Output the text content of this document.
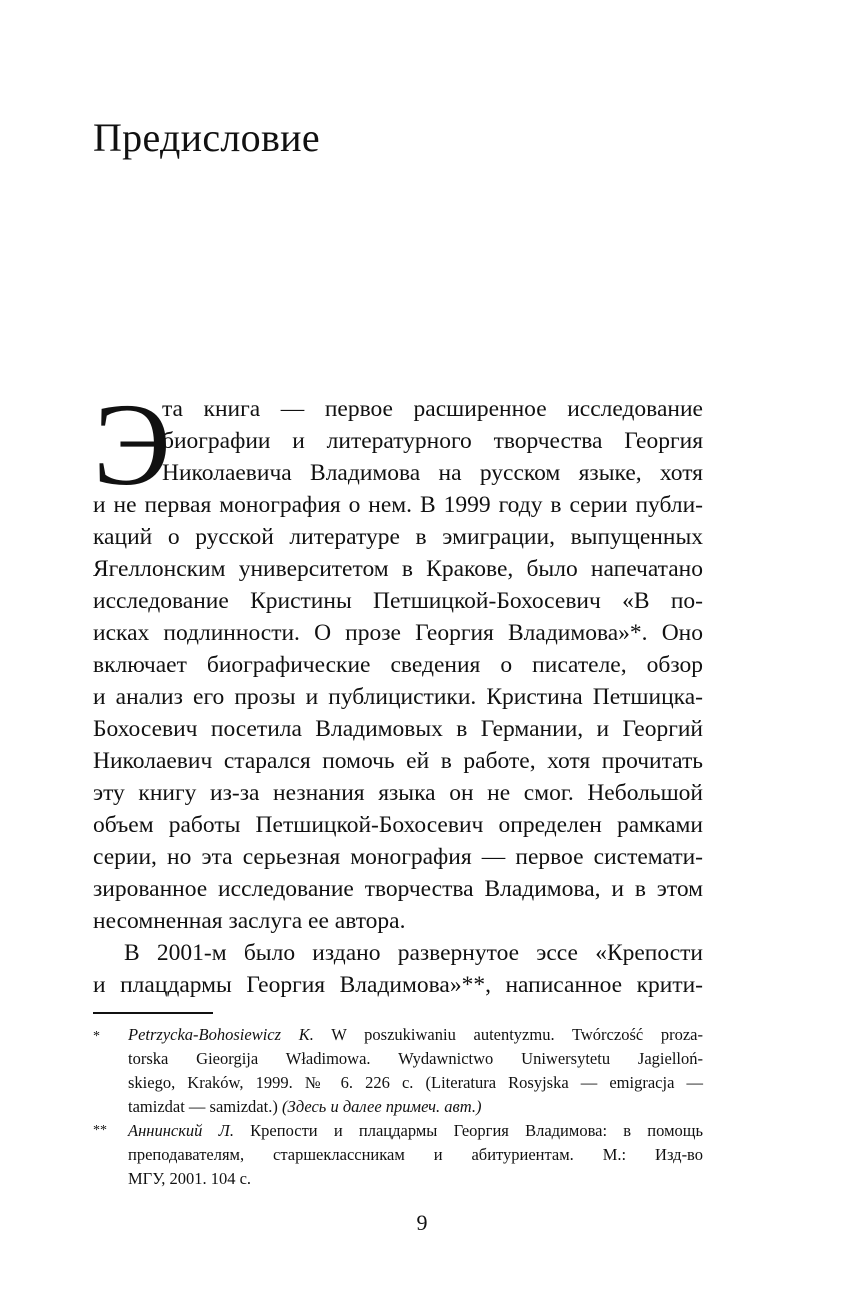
Предисловие
Э
та книга — первое расширенное исследование
биографии и литературного творчества Георгия
Николаевича Владимова на русском языке, хотя
и не первая монография о нем. В 1999 году в серии публи-
каций о русской литературе в эмиграции, выпущенных
Ягеллонским университетом в Кракове, было напечатано
исследование Кристины Петшицкой-Бохосевич «В по-
исках подлинности. О прозе Георгия Владимова»*. Оно
включает биографические сведения о писателе, обзор
и анализ его прозы и публицистики. Кристина Петшицка-
Бохосевич посетила Владимовых в Германии, и Георгий
Николаевич старался помочь ей в работе, хотя прочитать
эту книгу из-за незнания языка он не смог. Небольшой
объем работы Петшицкой-Бохосевич определен рамками
серии, но эта серьезная монография — первое системати-
зированное исследование творчества Владимова, и в этом
несомненная заслуга ее автора.
В 2001-м было издано развернутое эссе «Крепости
и плацдармы Георгия Владимова»**, написанное крити-
* Petrzycka-Bohosiewicz K. W poszukiwaniu autentyzmu. Twórczość proza-
torska Gieorgija Władimowa. Wydawnictwo Uniwersytetu Jagielloń-
skiego, Kraków, 1999. № 6. 226 с. (Literatura Rosyjska — emigracja —
tamizdat — samizdat.) (Здесь и далее примеч. авт.)
** Аннинский Л. Крепости и плацдармы Георгия Владимова: в помощь
преподавателям, старшеклассникам и абитуриентам. М.: Изд-во
МГУ, 2001. 104 с.
9
